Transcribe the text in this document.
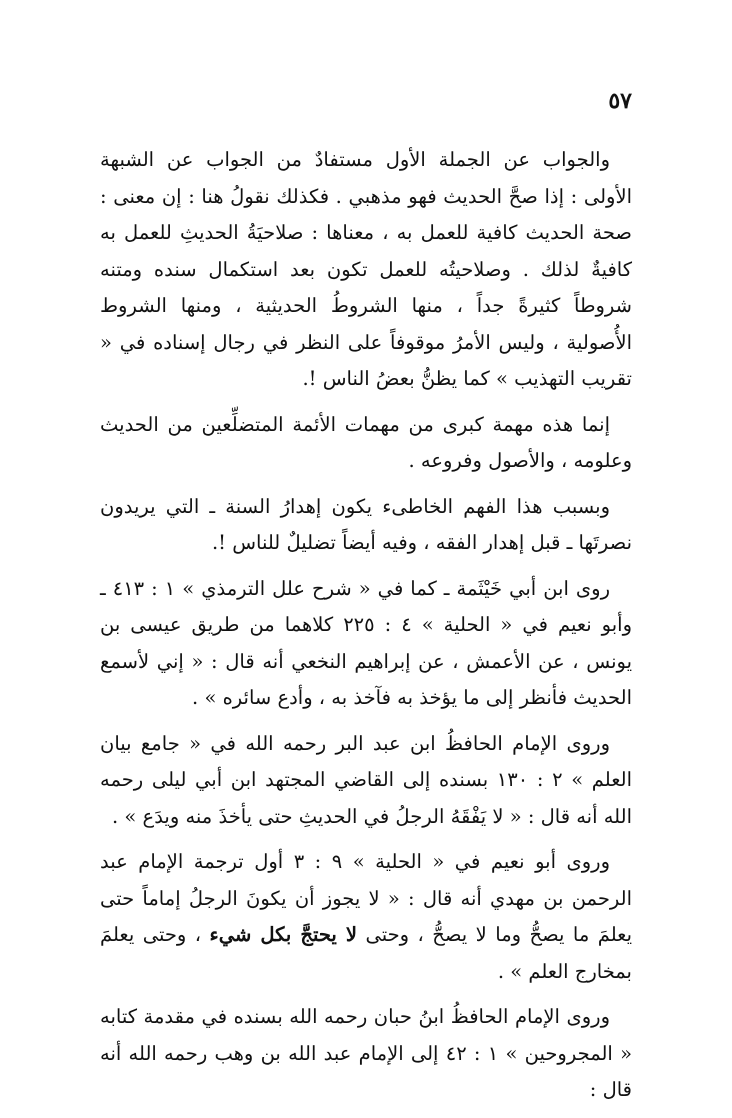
٥٧

والجواب عن الجملة الأول مستفادٌ من الجواب عن الشبهة الأولى : إذا صحَّ الحديث فهو مذهبي . فكذلك نقولُ هنا : إن معنى : صحة الحديث كافية للعمل به ، معناها : صلاحيَةُ الحديثِ للعمل به كافيةٌ لذلك . وصلاحيتُه للعمل تكون بعد استكمال سنده ومتنه شروطاً كثيرةً جداً ، منها الشروطُ الحديثية ، ومنها الشروط الأُصولية ، وليس الأمرُ موقوفاً على النظر في رجال إسناده في « تقريب التهذيب » كما يظنُّ بعضُ الناس !.

إنما هذه مهمة كبرى من مهمات الأئمة المتضلِّعين من الحديث وعلومه ، والأصول وفروعه .

وبسبب هذا الفهم الخاطىء يكون إهدارُ السنة ـ التي يريدون نصرتَها ـ قبل إهدار الفقه ، وفيه أيضاً تضليلٌ للناس !.

روى ابن أبي خَيْثَمة ـ كما في « شرح علل الترمذي » ١ : ٤١٣ ـ وأبو نعيم في « الحلية » ٤ : ٢٢٥ كلاهما من طريق عيسى بن يونس ، عن الأعمش ، عن إبراهيم النخعي أنه قال : « إني لأسمع الحديث فأنظر إلى ما يؤخذ به فآخذ به ، وأدع سائره » .

وروى الإمام الحافظُ ابن عبد البر رحمه الله في « جامع بيان العلم » ٢ : ١٣٠ بسنده إلى القاضي المجتهد ابن أبي ليلى رحمه الله أنه قال : « لا يَفْقَهُ الرجلُ في الحديثِ حتى يأخذَ منه ويدَع » .

وروى أبو نعيم في « الحلية » ٩ : ٣ أول ترجمة الإمام عبد الرحمن بن مهدي أنه قال : « لا يجوز أن يكونَ الرجلُ إماماً حتى يعلمَ ما يصحُّ وما لا يصحُّ ، وحتى لا يحتجَّ بكل شيء ، وحتى يعلمَ بمخارج العلم » .

وروى الإمام الحافظُ ابنُ حبان رحمه الله بسنده في مقدمة كتابه « المجروحين » ١ : ٤٢ إلى الإمام عبد الله بن وهب رحمه الله أنه قال :
